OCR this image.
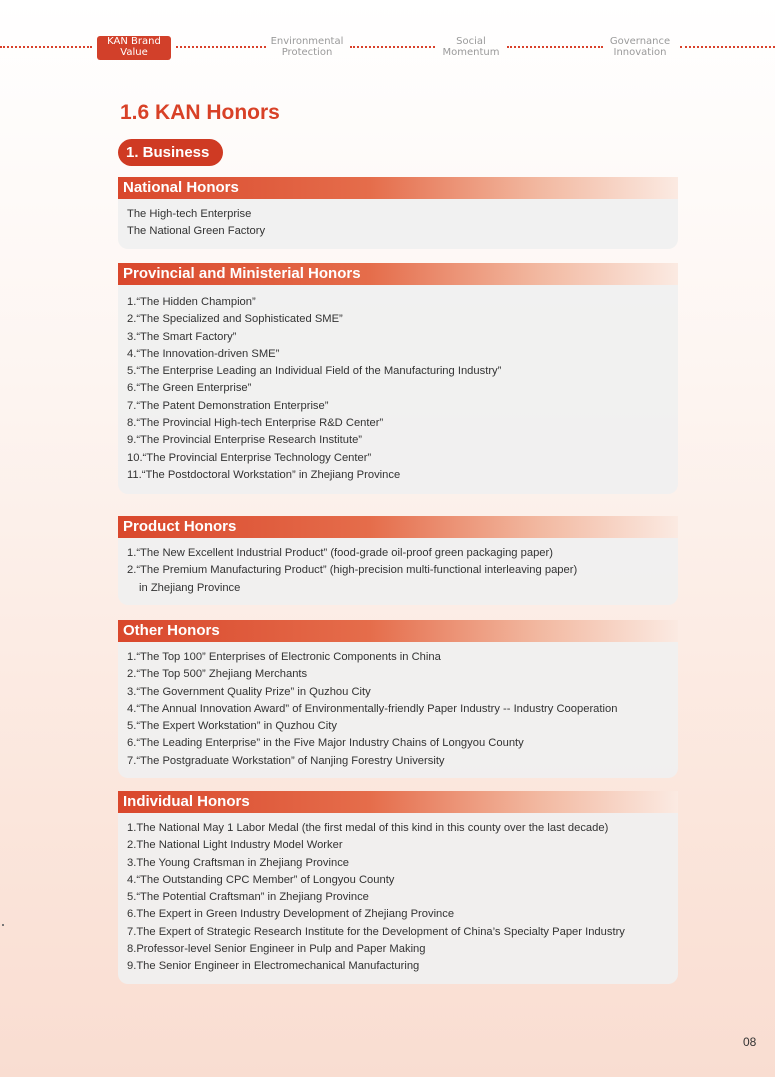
KAN Brand
Value
Environmental
Protection
Social
Momentum
Governance
Innovation
1.6 KAN Honors
1. Business
National Honors
The High-tech Enterprise
The National Green Factory
Provincial and Ministerial Honors
1.“The Hidden Champion”
2.“The Specialized and Sophisticated SME”
3.“The Smart Factory”
4.“The Innovation-driven SME”
5.“The Enterprise Leading an Individual Field of the Manufacturing Industry”
6.“The Green Enterprise”
7.“The Patent Demonstration Enterprise”
8.“The Provincial High-tech Enterprise R&D Center”
9.“The Provincial Enterprise Research Institute”
10.“The Provincial Enterprise Technology Center”
11.“The Postdoctoral Workstation” in Zhejiang Province
Product Honors
1.“The New Excellent Industrial Product” (food-grade oil-proof green packaging paper)
2.“The Premium Manufacturing Product” (high-precision multi-functional interleaving paper)
in Zhejiang Province
Other Honors
1.“The Top 100” Enterprises of Electronic Components in China
2.“The Top 500” Zhejiang Merchants
3.“The Government Quality Prize” in Quzhou City
4.“The Annual Innovation Award” of Environmentally-friendly Paper Industry -- Industry Cooperation
5.“The Expert Workstation” in Quzhou City
6.“The Leading Enterprise” in the Five Major Industry Chains of Longyou County
7.“The Postgraduate Workstation” of Nanjing Forestry University
Individual Honors
1.The National May 1 Labor Medal (the first medal of this kind in this county over the last decade)
2.The National Light Industry Model Worker
3.The Young Craftsman in Zhejiang Province
4.“The Outstanding CPC Member” of Longyou County
5.“The Potential Craftsman” in Zhejiang Province
6.The Expert in Green Industry Development of Zhejiang Province
7.The Expert of Strategic Research Institute for the Development of China’s Specialty Paper Industry
8.Professor-level Senior Engineer in Pulp and Paper Making
9.The Senior Engineer in Electromechanical Manufacturing
08
